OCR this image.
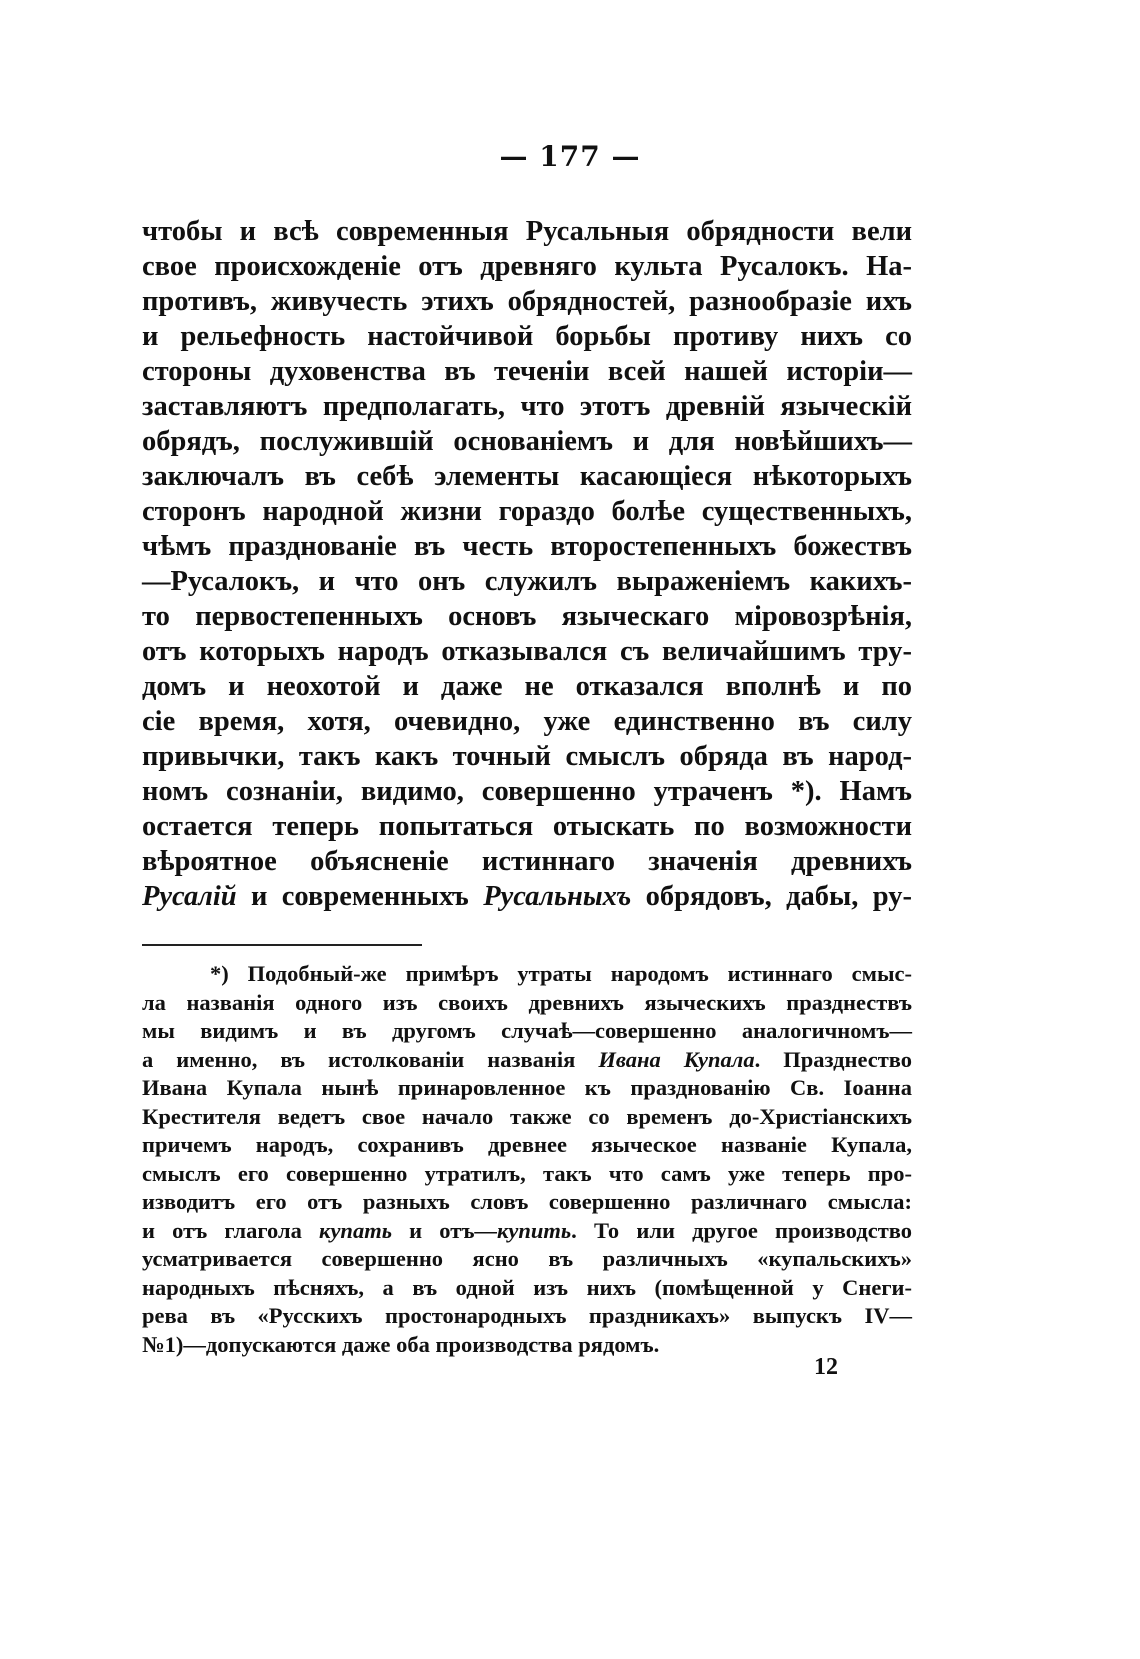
— 177 —
чтобы и всѣ современныя Русальныя обрядности вели
свое происхожденіе отъ древняго культа Русалокъ. На-
противъ, живучесть этихъ обрядностей, разнообразіе ихъ
и рельефность настойчивой борьбы противу нихъ со
стороны духовенства въ теченіи всей нашей исторіи—
заставляютъ предполагать, что этотъ древній языческій
обрядъ, послужившій основаніемъ и для новѣйшихъ—
заключалъ въ себѣ элементы касающіеся нѣкоторыхъ
сторонъ народной жизни гораздо болѣе существенныхъ,
чѣмъ празднованіе въ честь второстепенныхъ божествъ
—Русалокъ, и что онъ служилъ выраженіемъ какихъ-
то первостепенныхъ основъ языческаго міровозрѣнія,
отъ которыхъ народъ отказывался съ величайшимъ тру-
домъ и неохотой и даже не отказался вполнѣ и по
сіе время, хотя, очевидно, уже единственно въ силу
привычки, такъ какъ точный смыслъ обряда въ народ-
номъ сознаніи, видимо, совершенно утраченъ *). Намъ
остается теперь попытаться отыскать по возможности
вѣроятное объясненіе истиннаго значенія древнихъ
Русалій и современныхъ Русальныхъ обрядовъ, дабы, ру-
*) Подобный-же примѣръ утраты народомъ истиннаго смыс-
ла названія одного изъ своихъ древнихъ языческихъ празднествъ
мы видимъ и въ другомъ случаѣ—совершенно аналогичномъ—
а именно, въ истолкованіи названія Ивана Купала. Празднество
Ивана Купала нынѣ принаровленное къ празднованію Св. Іоанна
Крестителя ведетъ свое начало также со временъ до-Христіанскихъ
причемъ народъ, сохранивъ древнее языческое названіе Купала,
смыслъ его совершенно утратилъ, такъ что самъ уже теперь про-
изводитъ его отъ разныхъ словъ совершенно различнаго смысла:
и отъ глагола купать и отъ—купить. То или другое производство
усматривается совершенно ясно въ различныхъ «купальскихъ»
народныхъ пѣсняхъ, а въ одной изъ нихъ (помѣщенной у Снеги-
рева въ «Русскихъ простонародныхъ праздникахъ» выпускъ IV—
№1)—допускаются даже оба производства рядомъ.
12
